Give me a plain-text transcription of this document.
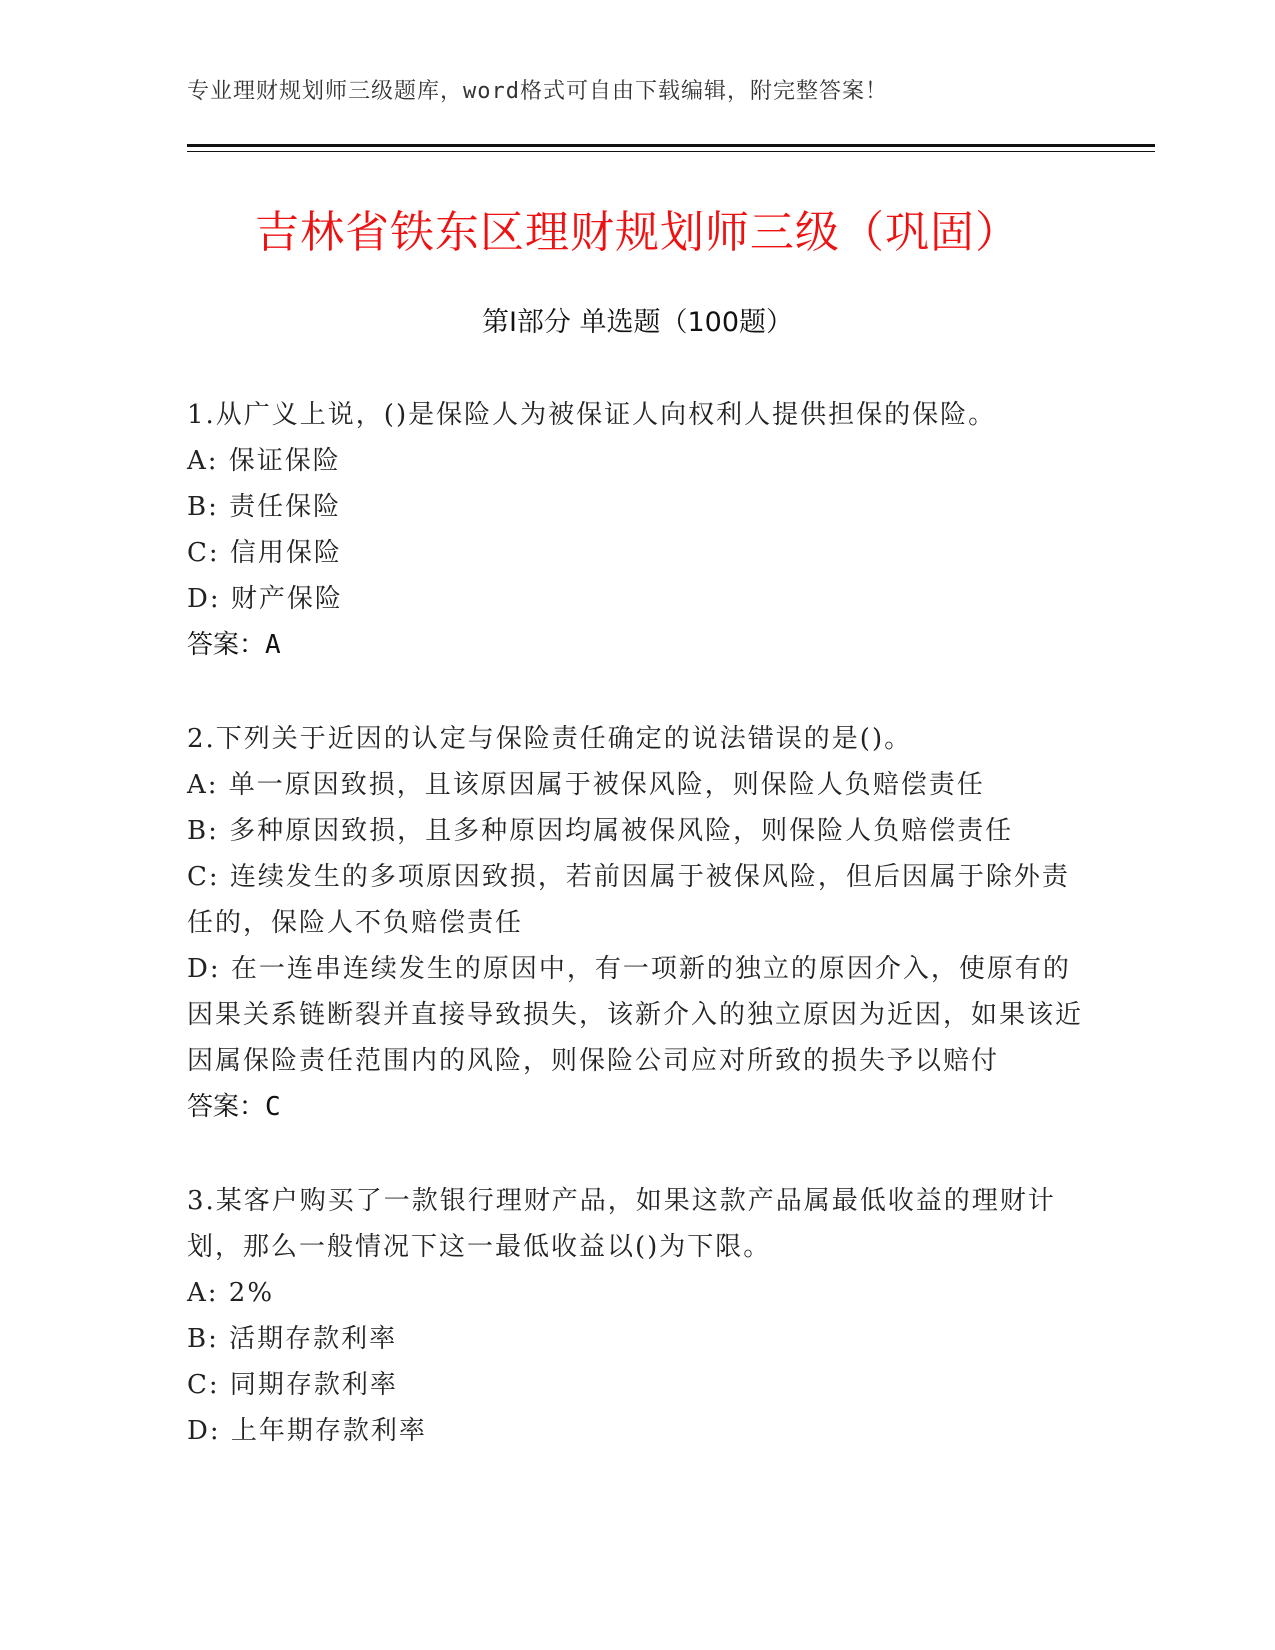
专业理财规划师三级题库，word格式可自由下载编辑，附完整答案！
吉林省铁东区理财规划师三级（巩固）
第Ⅰ部分 单选题（100题）
1.从广义上说，()是保险人为被保证人向权利人提供担保的保险。
A: 保证保险
B: 责任保险
C: 信用保险
D: 财产保险
答案：A
2.下列关于近因的认定与保险责任确定的说法错误的是()。
A: 单一原因致损，且该原因属于被保风险，则保险人负赔偿责任
B: 多种原因致损，且多种原因均属被保风险，则保险人负赔偿责任
C: 连续发生的多项原因致损，若前因属于被保风险，但后因属于除外责任的，保险人不负赔偿责任
D: 在一连串连续发生的原因中，有一项新的独立的原因介入，使原有的因果关系链断裂并直接导致损失，该新介入的独立原因为近因，如果该近因属保险责任范围内的风险，则保险公司应对所致的损失予以赔付
答案：C
3.某客户购买了一款银行理财产品，如果这款产品属最低收益的理财计划，那么一般情况下这一最低收益以()为下限。
A: 2%
B: 活期存款利率
C: 同期存款利率
D: 上年期存款利率
